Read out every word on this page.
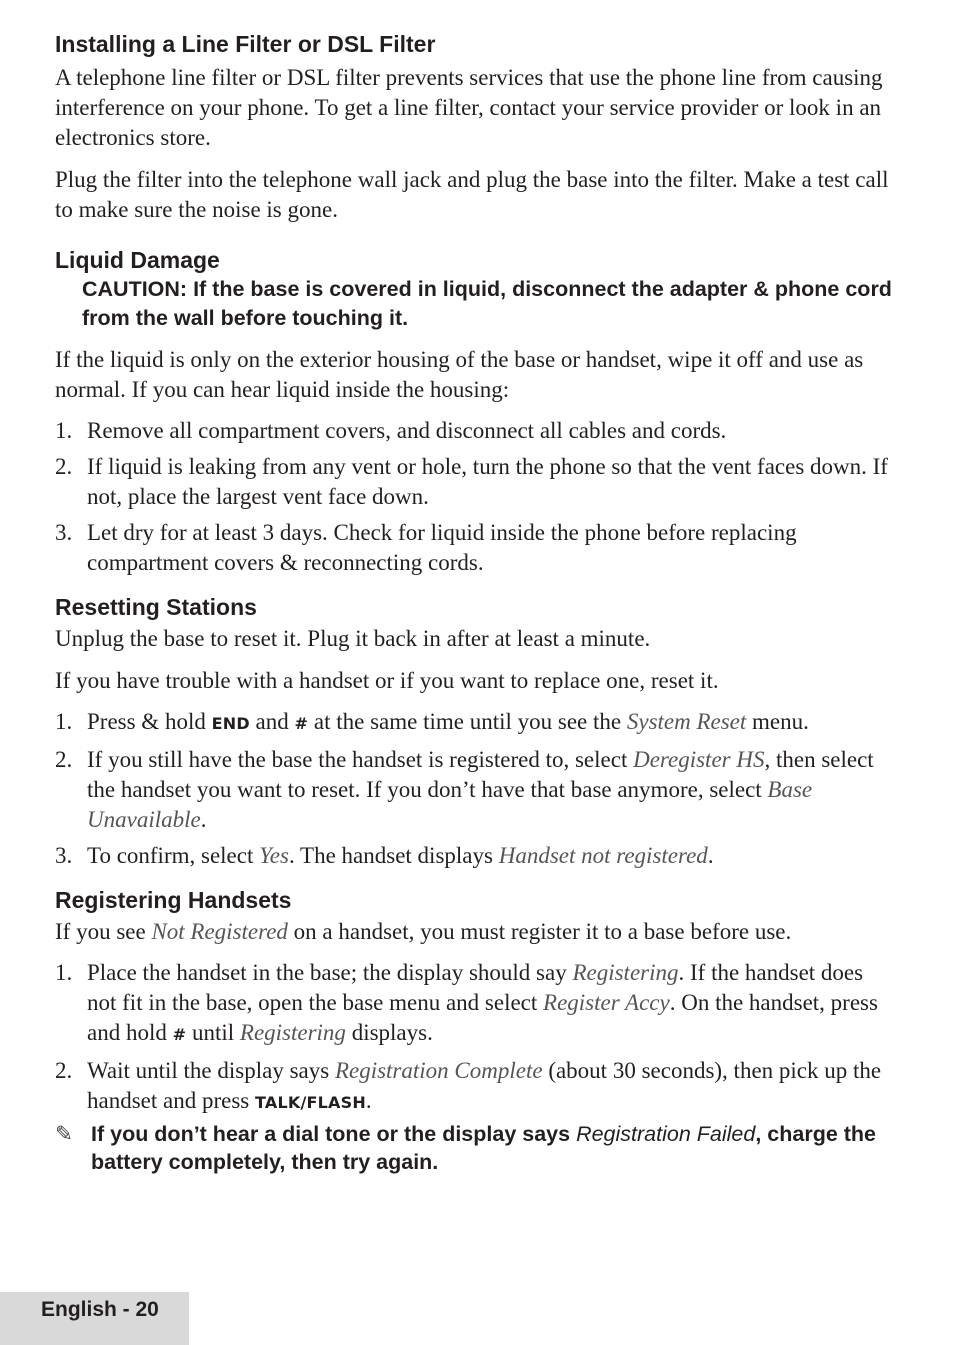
Installing a Line Filter or DSL Filter

A telephone line filter or DSL filter prevents services that use the phone line from causing interference on your phone. To get a line filter, contact your service provider or look in an electronics store.

Plug the filter into the telephone wall jack and plug the base into the filter. Make a test call to make sure the noise is gone.

Liquid Damage

CAUTION: If the base is covered in liquid, disconnect the adapter & phone cord from the wall before touching it.

If the liquid is only on the exterior housing of the base or handset, wipe it off and use as normal. If you can hear liquid inside the housing:

1. Remove all compartment covers, and disconnect all cables and cords.
2. If liquid is leaking from any vent or hole, turn the phone so that the vent faces down. If not, place the largest vent face down.
3. Let dry for at least 3 days. Check for liquid inside the phone before replacing compartment covers & reconnecting cords.
Resetting Stations

Unplug the base to reset it. Plug it back in after at least a minute.

If you have trouble with a handset or if you want to replace one, reset it.

1. Press & hold END and # at the same time until you see the System Reset menu.
2. If you still have the base the handset is registered to, select Deregister HS, then select the handset you want to reset. If you don’t have that base anymore, select Base Unavailable.
3. To confirm, select Yes. The handset displays Handset not registered.
Registering Handsets

If you see Not Registered on a handset, you must register it to a base before use.

1. Place the handset in the base; the display should say Registering. If the handset does not fit in the base, open the base menu and select Register Accy. On the handset, press and hold # until Registering displays.
2. Wait until the display says Registration Complete (about 30 seconds), then pick up the handset and press TALK/FLASH.

✎ If you don’t hear a dial tone or the display says Registration Failed, charge the battery completely, then try again.

English - 20
